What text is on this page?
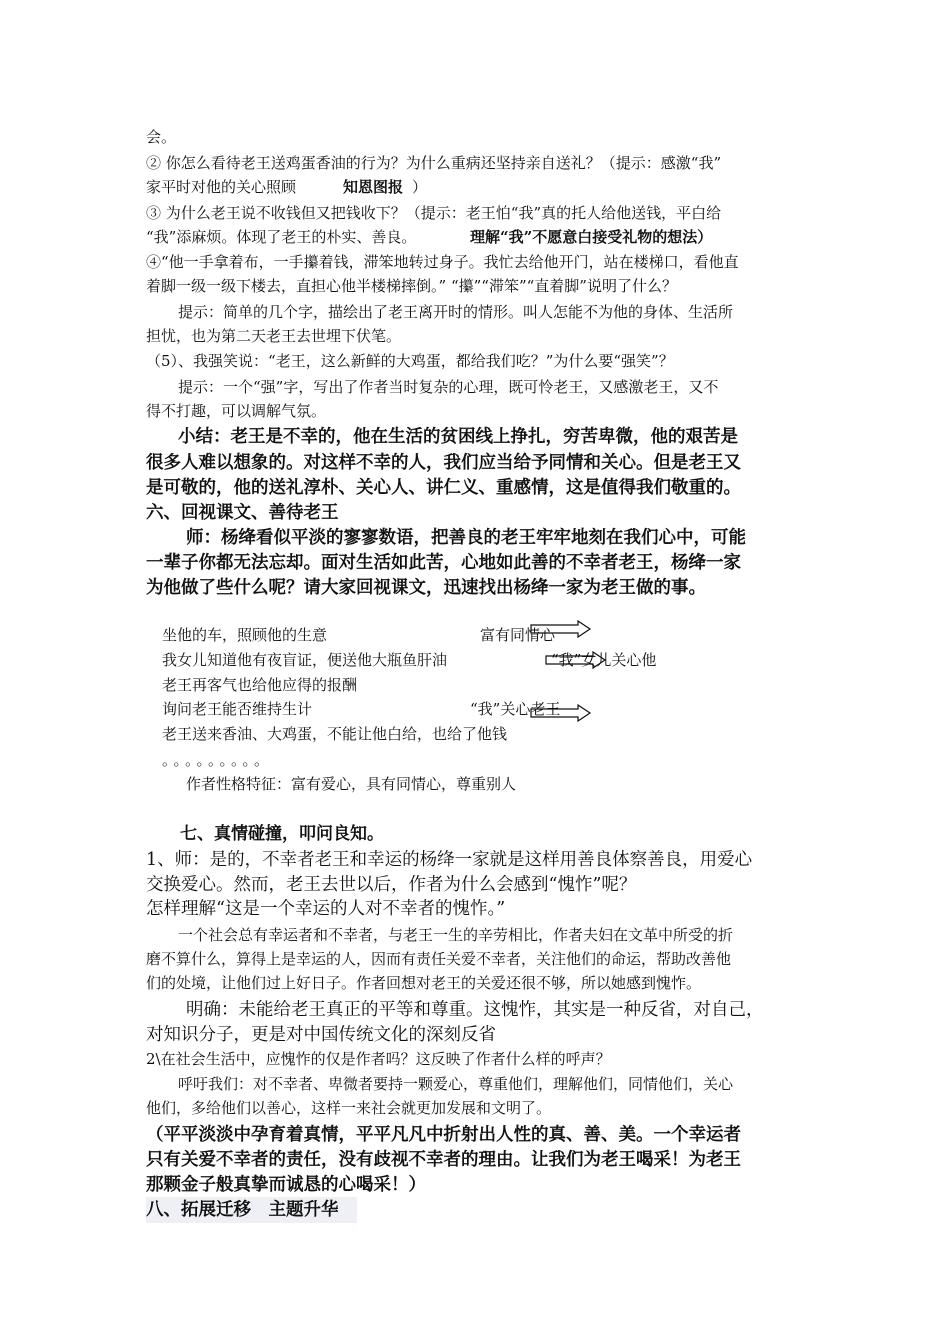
会。
② 你怎么看待老王送鸡蛋香油的行为？为什么重病还坚持亲自送礼？（提示：感激“我”
家平时对他的关心照顾	知恩图报 ）
③ 为什么老王说不收钱但又把钱收下？（提示：老王怕“我”真的托人给他送钱，平白给
“我”添麻烦。体现了老王的朴实、善良。	理解“我”不愿意白接受礼物的想法）
④“他一手拿着布，一手攥着钱，滞笨地转过身子。我忙去给他开门，站在楼梯口，看他直
着脚一级一级下楼去，直担心他半楼梯摔倒。” “攥”“滞笨”“直着脚”说明了什么？
提示：简单的几个字，描绘出了老王离开时的情形。叫人怎能不为他的身体、生活所
担忧，也为第二天老王去世埋下伏笔。
（5）、我强笑说：“老王，这么新鲜的大鸡蛋，都给我们吃？”为什么要“强笑”？
提示：一个“强”字，写出了作者当时复杂的心理，既可怜老王，又感激老王，又不
得不打趣，可以调解气氛。
小结：老王是不幸的，他在生活的贫困线上挣扎，穷苦卑微，他的艰苦是
很多人难以想象的。对这样不幸的人，我们应当给予同情和关心。但是老王又
是可敬的，他的送礼淳朴、关心人、讲仁义、重感情，这是值得我们敬重的。
六、回视课文、善待老王
师：杨绛看似平淡的寥寥数语，把善良的老王牢牢地刻在我们心中，可能
一辈子你都无法忘却。面对生活如此苦，心地如此善的不幸者老王，杨绛一家
为他做了些什么呢？请大家回视课文，迅速找出杨绛一家为老王做的事。
坐他的车，照顾他的生意	富有同情心
我女儿知道他有夜盲证，便送他大瓶鱼肝油	“我”女儿关心他
老王再客气也给他应得的报酬
询问老王能否维持生计	“我”关心老王
老王送来香油、大鸡蛋，不能让他白给，也给了他钱
。。。。。。。。。
作者性格特征：富有爱心，具有同情心，尊重别人
七、真情碰撞，叩问良知。
1、师：是的，不幸者老王和幸运的杨绛一家就是这样用善良体察善良，用爱心
交换爱心。然而，老王去世以后，作者为什么会感到“愧怍”呢？
怎样理解“这是一个幸运的人对不幸者的愧怍。”
一个社会总有幸运者和不幸者，与老王一生的辛劳相比，作者夫妇在文革中所受的折
磨不算什么，算得上是幸运的人，因而有责任关爱不幸者，关注他们的命运，帮助改善他
们的处境，让他们过上好日子。作者回想对老王的关爱还很不够，所以她感到愧怍。
明确：未能给老王真正的平等和尊重。这愧怍，其实是一种反省，对自己，
对知识分子，更是对中国传统文化的深刻反省
2\在社会生活中，应愧怍的仅是作者吗？这反映了作者什么样的呼声？
呼吁我们：对不幸者、卑微者要持一颗爱心，尊重他们，理解他们，同情他们，关心
他们，多给他们以善心，这样一来社会就更加发展和文明了。
（平平淡淡中孕育着真情，平平凡凡中折射出人性的真、善、美。一个幸运者
只有关爱不幸者的责任，没有歧视不幸者的理由。让我们为老王喝采！为老王
那颗金子般真挚而诚恳的心喝采！）
八、拓展迁移　主题升华
